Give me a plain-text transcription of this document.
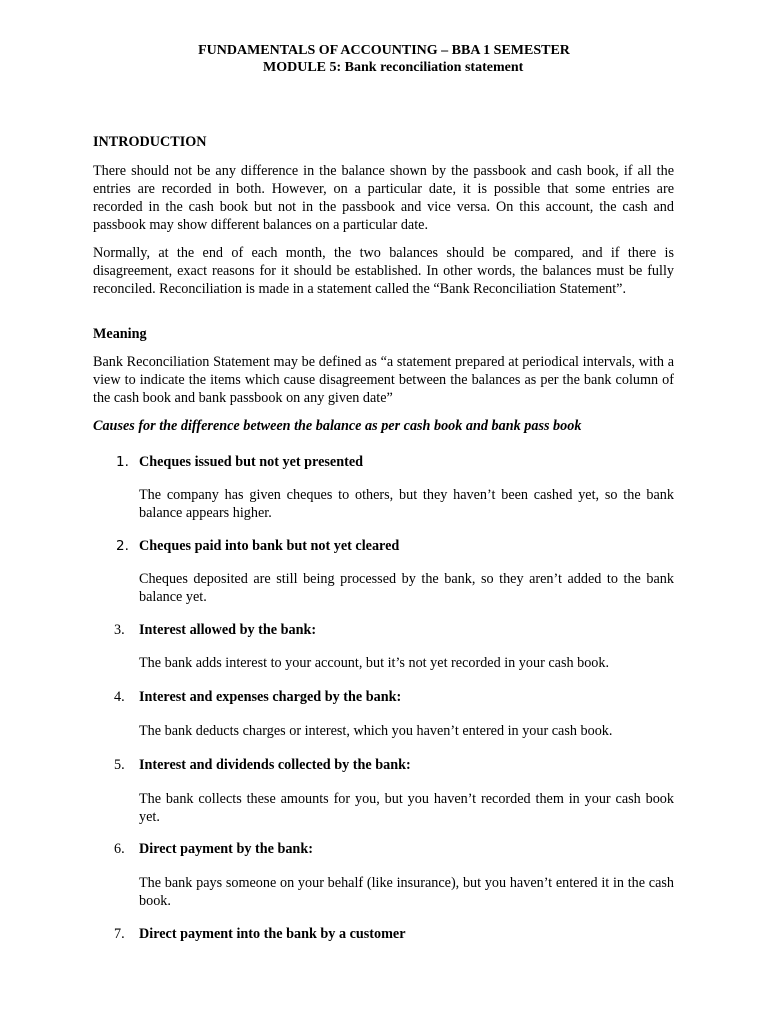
FUNDAMENTALS OF ACCOUNTING – BBA 1 SEMESTER
MODULE 5: Bank reconciliation statement
INTRODUCTION

There should not be any difference in the balance shown by the passbook and cash book, if all the entries are recorded in both. However, on a particular date, it is possible that some entries are recorded in the cash book but not in the passbook and vice versa. On this account, the cash and passbook may show different balances on a particular date.

Normally, at the end of each month, the two balances should be compared, and if there is disagreement, exact reasons for it should be established. In other words, the balances must be fully reconciled. Reconciliation is made in a statement called the “Bank Reconciliation Statement”.

Meaning

Bank Reconciliation Statement may be defined as “a statement prepared at periodical intervals, with a view to indicate the items which cause disagreement between the balances as per the bank column of the cash book and bank passbook on any given date”

Causes for the difference between the balance as per cash book and bank pass book
1. Cheques issued but not yet presented
The company has given cheques to others, but they haven’t been cashed yet, so the bank balance appears higher.
2. Cheques paid into bank but not yet cleared
Cheques deposited are still being processed by the bank, so they aren’t added to the bank balance yet.
3.	Interest allowed by the bank:
The bank adds interest to your account, but it’s not yet recorded in your cash book.
4.	Interest and expenses charged by the bank:
The bank deducts charges or interest, which you haven’t entered in your cash book.
5.	Interest and dividends collected by the bank:
The bank collects these amounts for you, but you haven’t recorded them in your cash book yet.
6.	Direct payment by the bank:
The bank pays someone on your behalf (like insurance), but you haven’t entered it in the cash book.
7.	Direct payment into the bank by a customer
